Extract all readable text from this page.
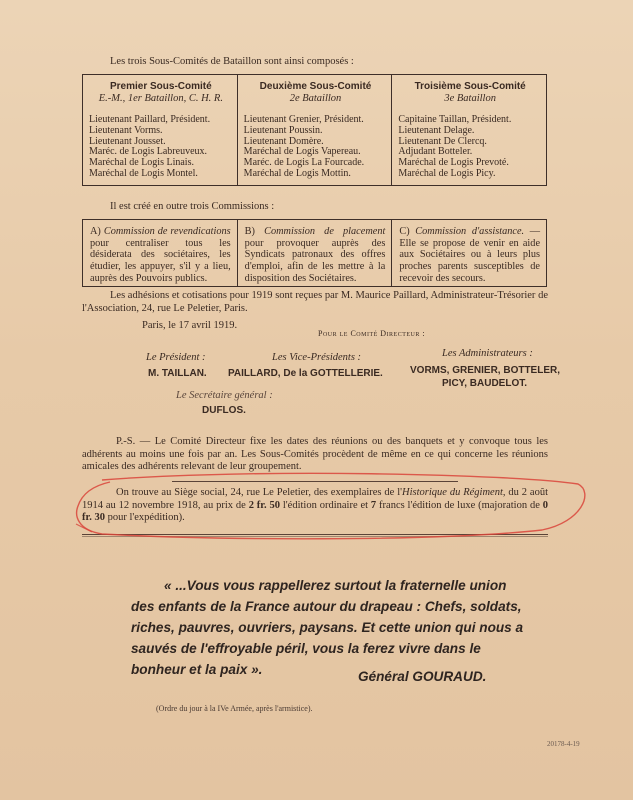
Les trois Sous-Comités de Bataillon sont ainsi composés :
Premier Sous-Comité
E.-M., 1er Bataillon, C. H. R.
Lieutenant Paillard, Président.
Lieutenant Vorms.
Lieutenant Jousset.
Maréc. de Logis Labreuveux.
Maréchal de Logis Linais.
Maréchal de Logis Montel.
Deuxième Sous-Comité
2e Bataillon
Lieutenant Grenier, Président.
Lieutenant Poussin.
Lieutenant Domère.
Maréchal de Logis Vapereau.
Maréc. de Logis La Fourcade.
Maréchal de Logis Mottin.
Troisième Sous-Comité
3e Bataillon
Capitaine Taillan, Président.
Lieutenant Delage.
Lieutenant De Clercq.
Adjudant Botteler.
Maréchal de Logis Prevoté.
Maréchal de Logis Picy.
Il est créé en outre trois Commissions :
A) Commission de revendications pour centraliser tous les désiderata des sociétaires, les étudier, les appuyer, s'il y a lieu, auprès des Pouvoirs publics.
B) Commission de placement pour provoquer auprès des Syndicats patronaux des offres d'emploi, afin de les mettre à la disposition des Sociétaires.
C) Commission d'assistance. — Elle se propose de venir en aide aux Sociétaires ou à leurs plus proches parents susceptibles de recevoir des secours.
Les adhésions et cotisations pour 1919 sont reçues par M. Maurice Paillard, Administrateur-Trésorier de l'Association, 24, rue Le Peletier, Paris.
Paris, le 17 avril 1919.
Pour le Comité Directeur :
Le Président :
M. TAILLAN.
Les Vice-Présidents :
PAILLARD, De la GOTTELLERIE.
Les Administrateurs :
VORMS, GRENIER, BOTTELER,
PICY, BAUDELOT.
Le Secrétaire général :
DUFLOS.
P.-S. — Le Comité Directeur fixe les dates des réunions ou des banquets et y convoque tous les adhérents au moins une fois par an. Les Sous-Comités procèdent de même en ce qui concerne les réunions amicales des adhérents relevant de leur groupement.
On trouve au Siège social, 24, rue Le Peletier, des exemplaires de l'Historique du Régiment, du 2 août 1914 au 12 novembre 1918, au prix de 2 fr. 50 l'édition ordinaire et 7 francs l'édition de luxe (majoration de 0 fr. 30 pour l'expédition).
« ...Vous vous rappellerez surtout la fraternelle union
des enfants de la France autour du drapeau : Chefs, soldats,
riches, pauvres, ouvriers, paysans. Et cette union qui nous a
sauvés de l'effroyable péril, vous la ferez vivre dans le
bonheur et la paix ».	Général GOURAUD.
(Ordre du jour à la IVe Armée, après l'armistice).
20178-4-19
